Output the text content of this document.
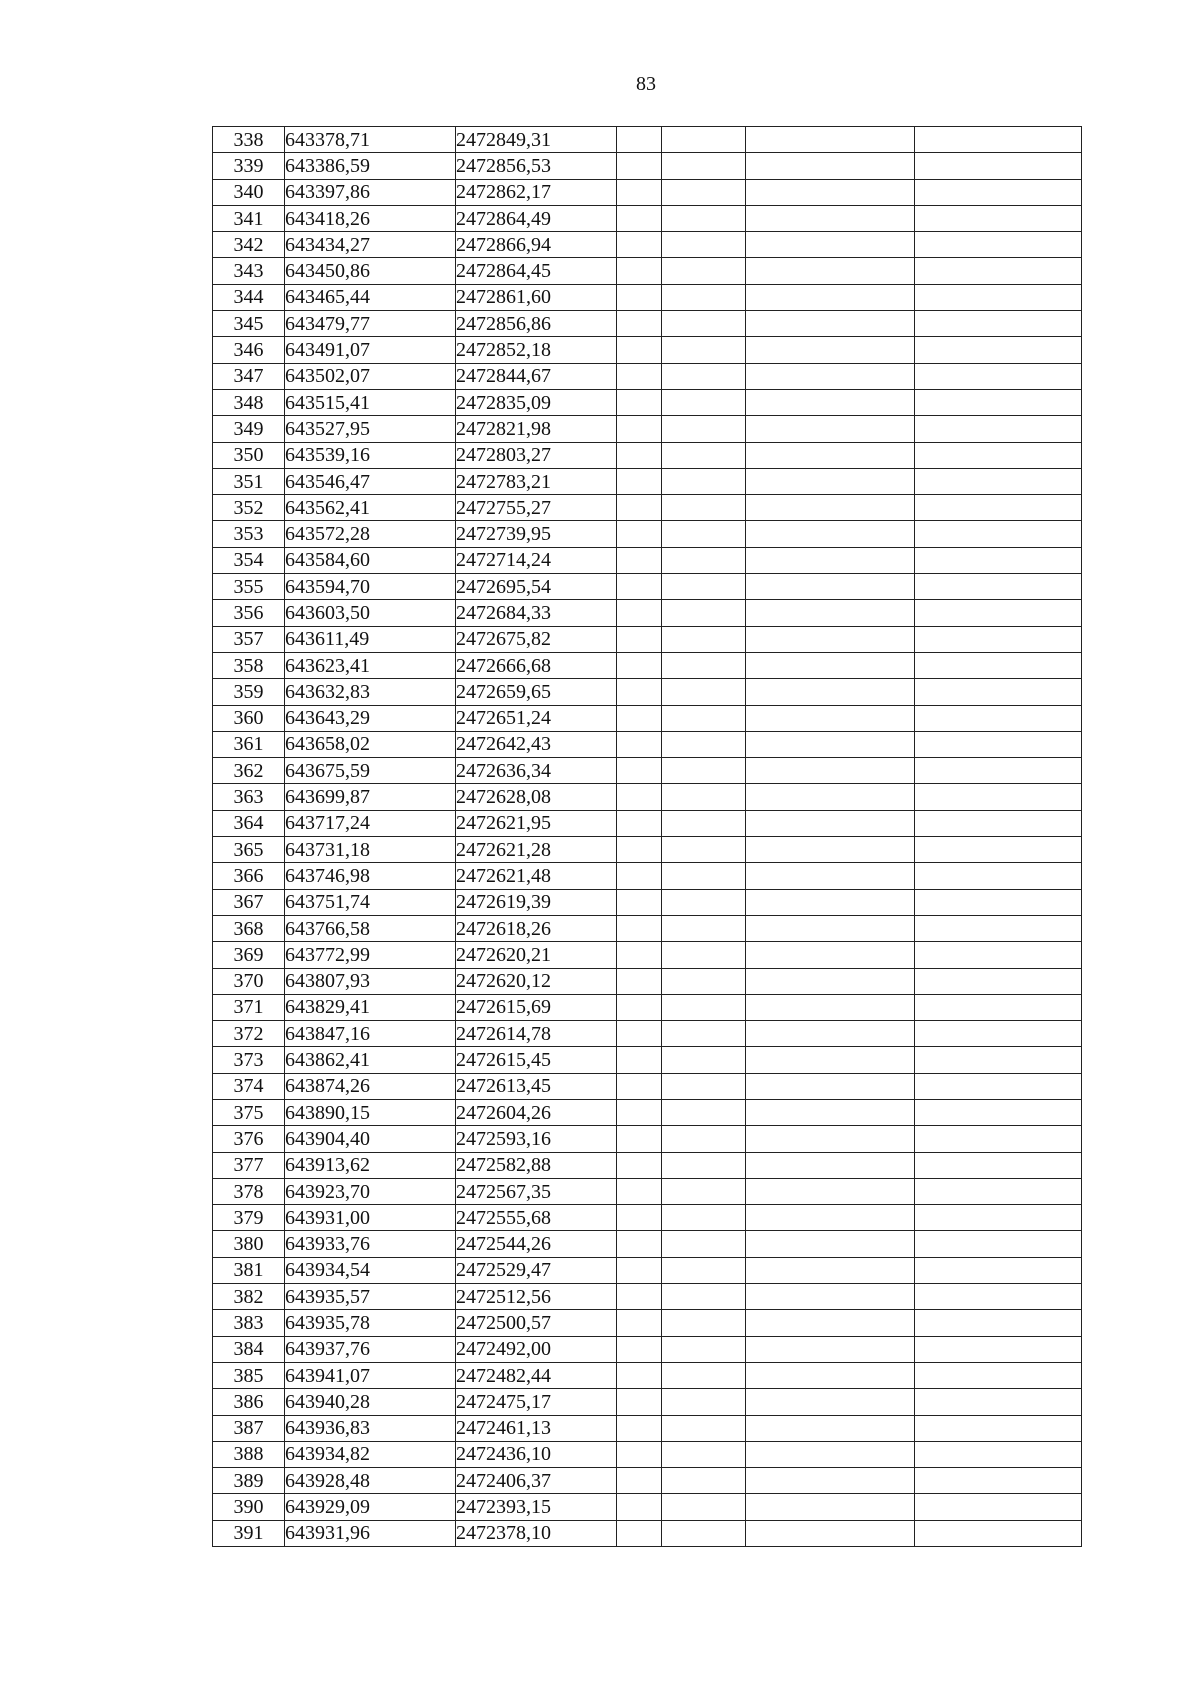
83
338	643378,71	2472849,31				
339	643386,59	2472856,53				
340	643397,86	2472862,17				
341	643418,26	2472864,49				
342	643434,27	2472866,94				
343	643450,86	2472864,45				
344	643465,44	2472861,60				
345	643479,77	2472856,86				
346	643491,07	2472852,18				
347	643502,07	2472844,67				
348	643515,41	2472835,09				
349	643527,95	2472821,98				
350	643539,16	2472803,27				
351	643546,47	2472783,21				
352	643562,41	2472755,27				
353	643572,28	2472739,95				
354	643584,60	2472714,24				
355	643594,70	2472695,54				
356	643603,50	2472684,33				
357	643611,49	2472675,82				
358	643623,41	2472666,68				
359	643632,83	2472659,65				
360	643643,29	2472651,24				
361	643658,02	2472642,43				
362	643675,59	2472636,34				
363	643699,87	2472628,08				
364	643717,24	2472621,95				
365	643731,18	2472621,28				
366	643746,98	2472621,48				
367	643751,74	2472619,39				
368	643766,58	2472618,26				
369	643772,99	2472620,21				
370	643807,93	2472620,12				
371	643829,41	2472615,69				
372	643847,16	2472614,78				
373	643862,41	2472615,45				
374	643874,26	2472613,45				
375	643890,15	2472604,26				
376	643904,40	2472593,16				
377	643913,62	2472582,88				
378	643923,70	2472567,35				
379	643931,00	2472555,68				
380	643933,76	2472544,26				
381	643934,54	2472529,47				
382	643935,57	2472512,56				
383	643935,78	2472500,57				
384	643937,76	2472492,00				
385	643941,07	2472482,44				
386	643940,28	2472475,17				
387	643936,83	2472461,13				
388	643934,82	2472436,10				
389	643928,48	2472406,37				
390	643929,09	2472393,15				
391	643931,96	2472378,10				
